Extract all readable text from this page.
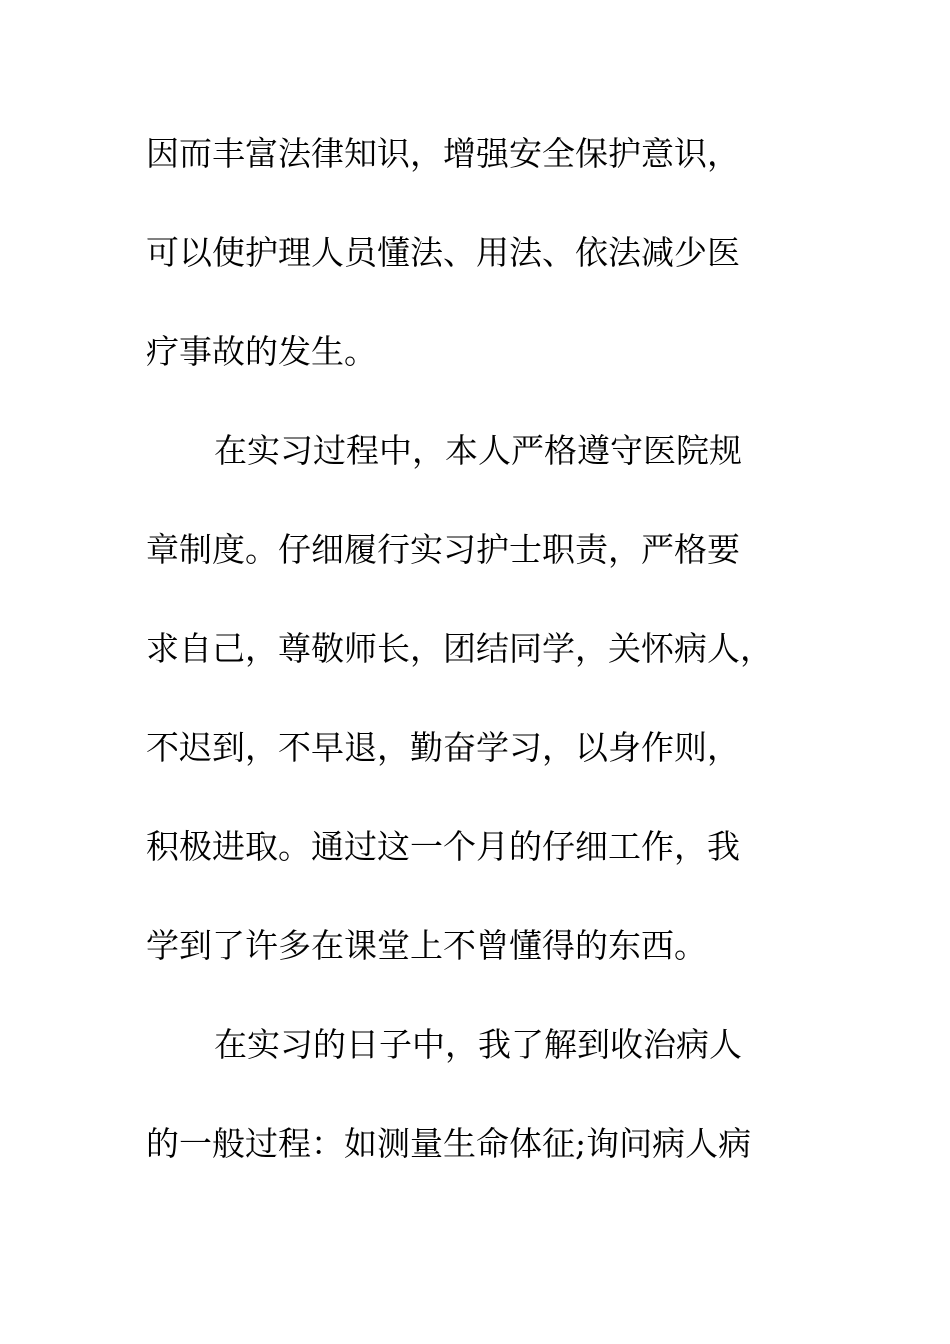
因而丰富法律知识，增强安全保护意识，
可以使护理人员懂法、用法、依法减少医
疗事故的发生。
在实习过程中，本人严格遵守医院规
章制度。仔细履行实习护士职责，严格要
求自己，尊敬师长，团结同学，关怀病人，
不迟到，不早退，勤奋学习，以身作则，
积极进取。通过这一个月的仔细工作，我
学到了许多在课堂上不曾懂得的东西。
在实习的日子中，我了解到收治病人
的一般过程：如测量生命体征;询问病人病
